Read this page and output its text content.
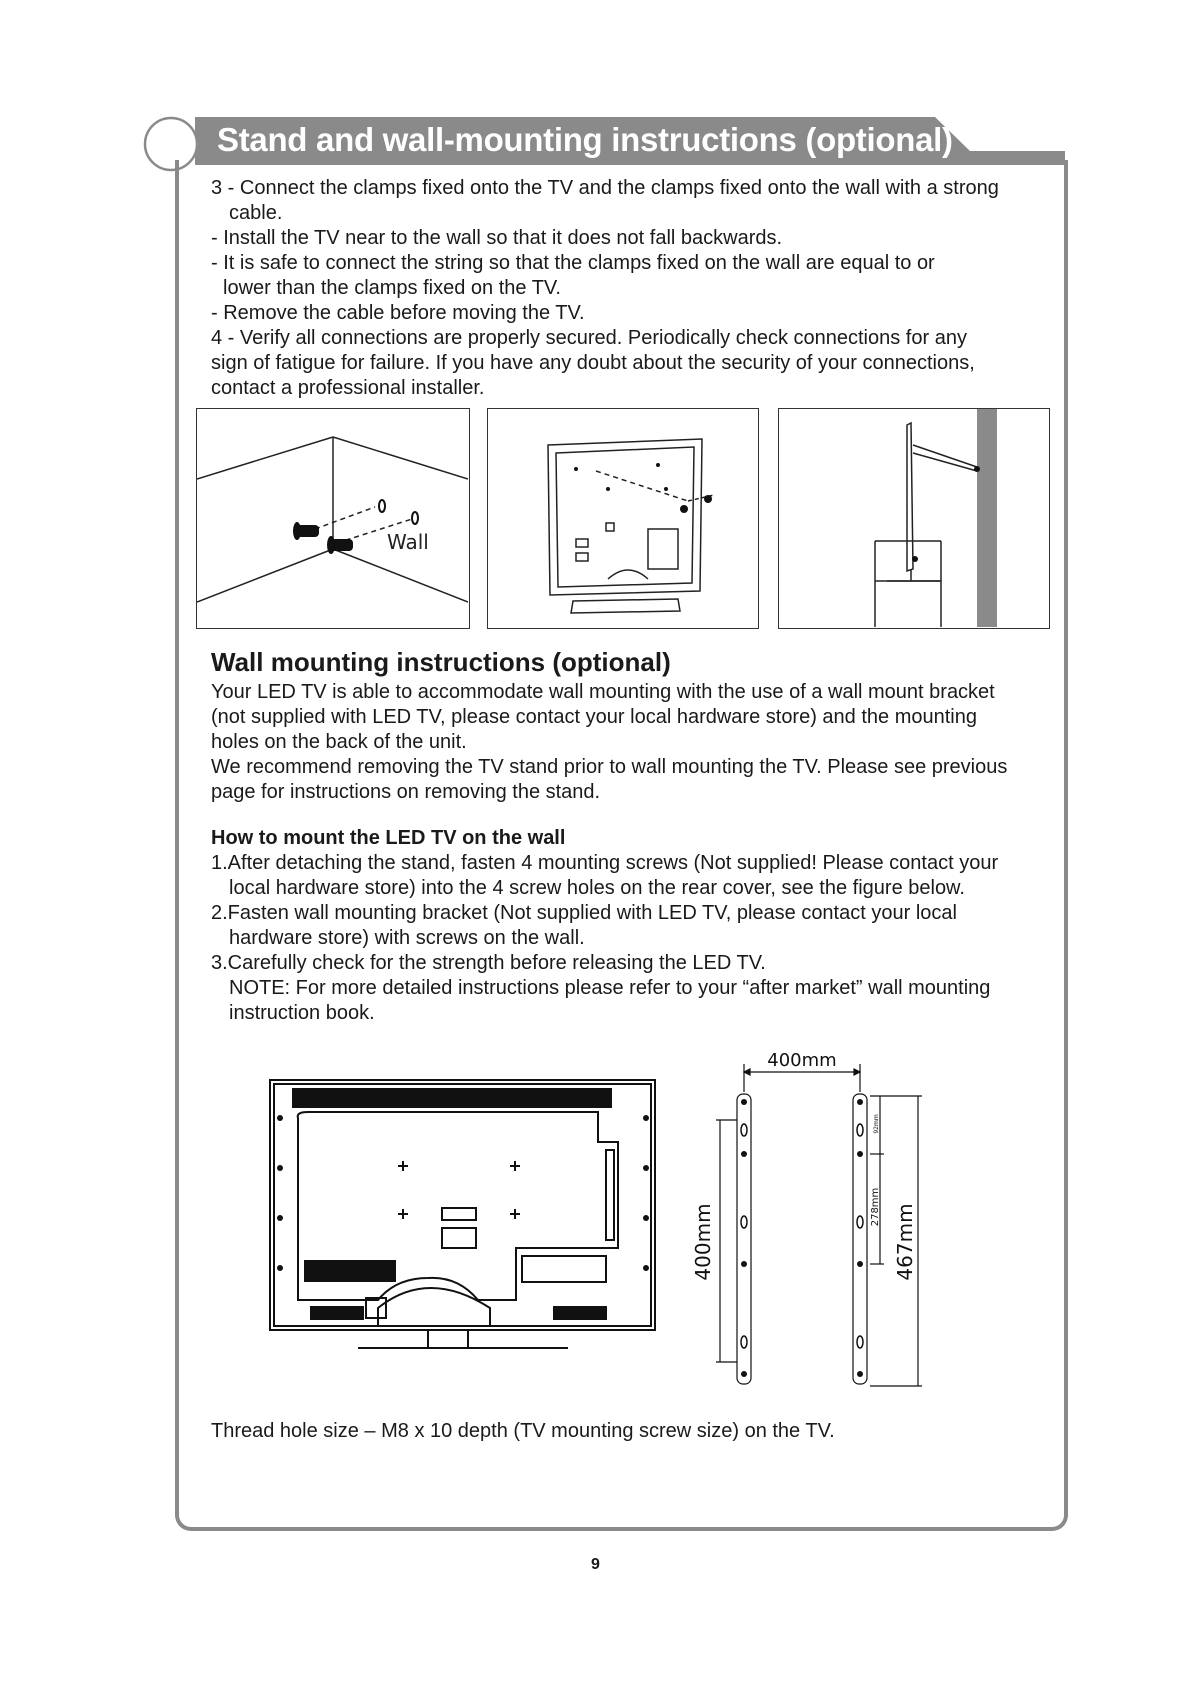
Stand and wall-mounting instructions (optional)

3 - Connect the clamps fixed onto the TV and the clamps fixed onto the wall with a strong

cable.

- Install the TV near to the wall so that it does not fall backwards.

- It is safe to connect the string so that the clamps fixed on the wall are equal to or

lower than the clamps fixed on the TV.

- Remove the cable before moving the TV.

4 - Verify all connections are properly secured. Periodically check connections for any

sign of fatigue for failure. If you have any doubt about the security of your connections,

contact a professional installer.

Wall
Wall mounting instructions (optional)

Your LED TV is able to accommodate wall mounting with the use of a wall mount bracket

(not supplied with LED TV, please contact your local hardware store) and the mounting

holes on the back of the unit.

We recommend removing the TV stand prior to wall mounting the TV. Please see previous

page for instructions on removing the stand.

How to mount the LED TV on the wall

1.After detaching the stand, fasten 4 mounting screws (Not supplied! Please contact your

local hardware store) into the 4 screw holes on the rear cover, see the figure below.

2.Fasten wall mounting bracket (Not supplied with LED TV, please contact your local

hardware store) with screws on the wall.

3.Carefully check for the strength before releasing the LED TV.

NOTE: For more detailed instructions please refer to your “after market” wall mounting

instruction book.

400mm
400mm	467mm
278mm
92mm
Thread hole size – M8 x 10 depth (TV mounting screw size) on the TV.
9
